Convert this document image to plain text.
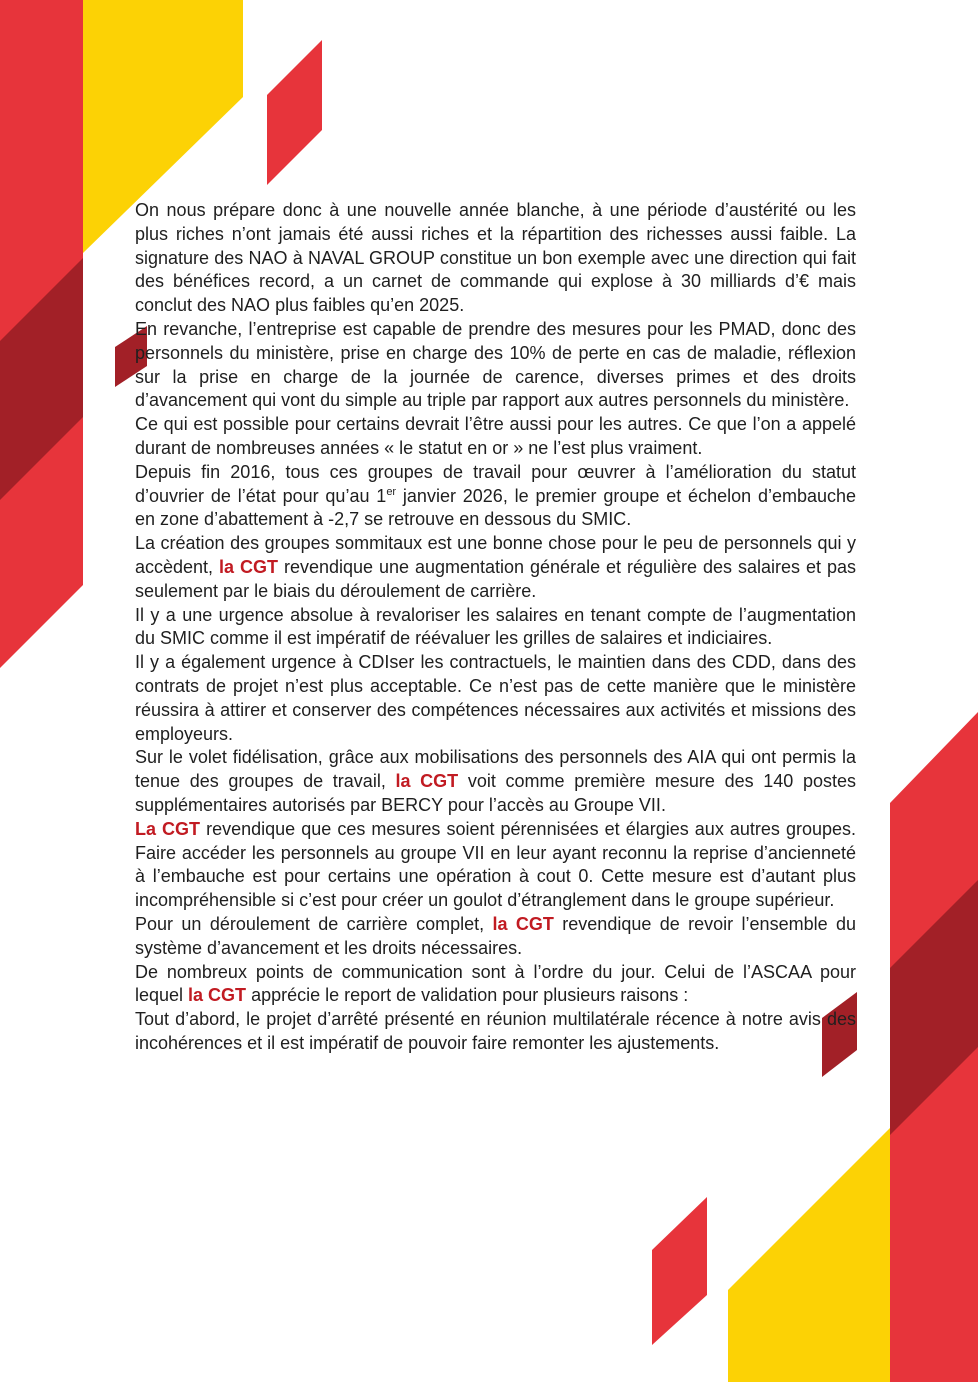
On nous prépare donc à une nouvelle année blanche, à une période d’austérité ou les plus riches n’ont jamais été aussi riches et la répartition des richesses aussi faible. La signature des NAO à NAVAL GROUP constitue un bon exemple avec une direction qui fait des bénéfices record, a un carnet de commande qui explose à 30 milliards d’€ mais conclut des NAO plus faibles qu’en 2025.

En revanche, l’entreprise est capable de prendre des mesures pour les PMAD, donc des personnels du ministère, prise en charge des 10% de perte en cas de maladie, réflexion sur la prise en charge de la journée de carence, diverses primes et des droits d’avancement qui vont du simple au triple par rapport aux autres personnels du ministère.

Ce qui est possible pour certains devrait l’être aussi pour les autres. Ce que l’on a appelé durant de nombreuses années « le statut en or » ne l’est plus vraiment.

Depuis fin 2016, tous ces groupes de travail pour œuvrer à l’amélioration du statut d’ouvrier de l’état pour qu’au 1er janvier 2026, le premier groupe et échelon d’embauche en zone d’abattement à -2,7 se retrouve en dessous du SMIC.

La création des groupes sommitaux est une bonne chose pour le peu de personnels qui y accèdent, la CGT revendique une augmentation générale et régulière des salaires et pas seulement par le biais du déroulement de carrière.

Il y a une urgence absolue à revaloriser les salaires en tenant compte de l’augmentation du SMIC comme il est impératif de réévaluer les grilles de salaires et indiciaires.

Il y a également urgence à CDIser les contractuels, le maintien dans des CDD, dans des contrats de projet n’est plus acceptable. Ce n’est pas de cette manière que le ministère réussira à attirer et conserver des compétences nécessaires aux activités et missions des employeurs.

Sur le volet fidélisation, grâce aux mobilisations des personnels des AIA qui ont permis la tenue des groupes de travail, la CGT voit comme première mesure des 140 postes supplémentaires autorisés par BERCY pour l’accès au Groupe VII.

La CGT revendique que ces mesures soient pérennisées et élargies aux autres groupes. Faire accéder les personnels au groupe VII en leur ayant reconnu la reprise d’ancienneté à l’embauche est pour certains une opération à cout 0. Cette mesure est d’autant plus incompréhensible si c’est pour créer un goulot d’étranglement dans le groupe supérieur.

Pour un déroulement de carrière complet, la CGT revendique de revoir l’ensemble du système d’avancement et les droits nécessaires.

De nombreux points de communication sont à l’ordre du jour. Celui de l’ASCAA pour lequel la CGT apprécie le report de validation pour plusieurs raisons :

Tout d’abord, le projet d’arrêté présenté en réunion multilatérale récence à notre avis des incohérences et il est impératif de pouvoir faire remonter les ajustements.
